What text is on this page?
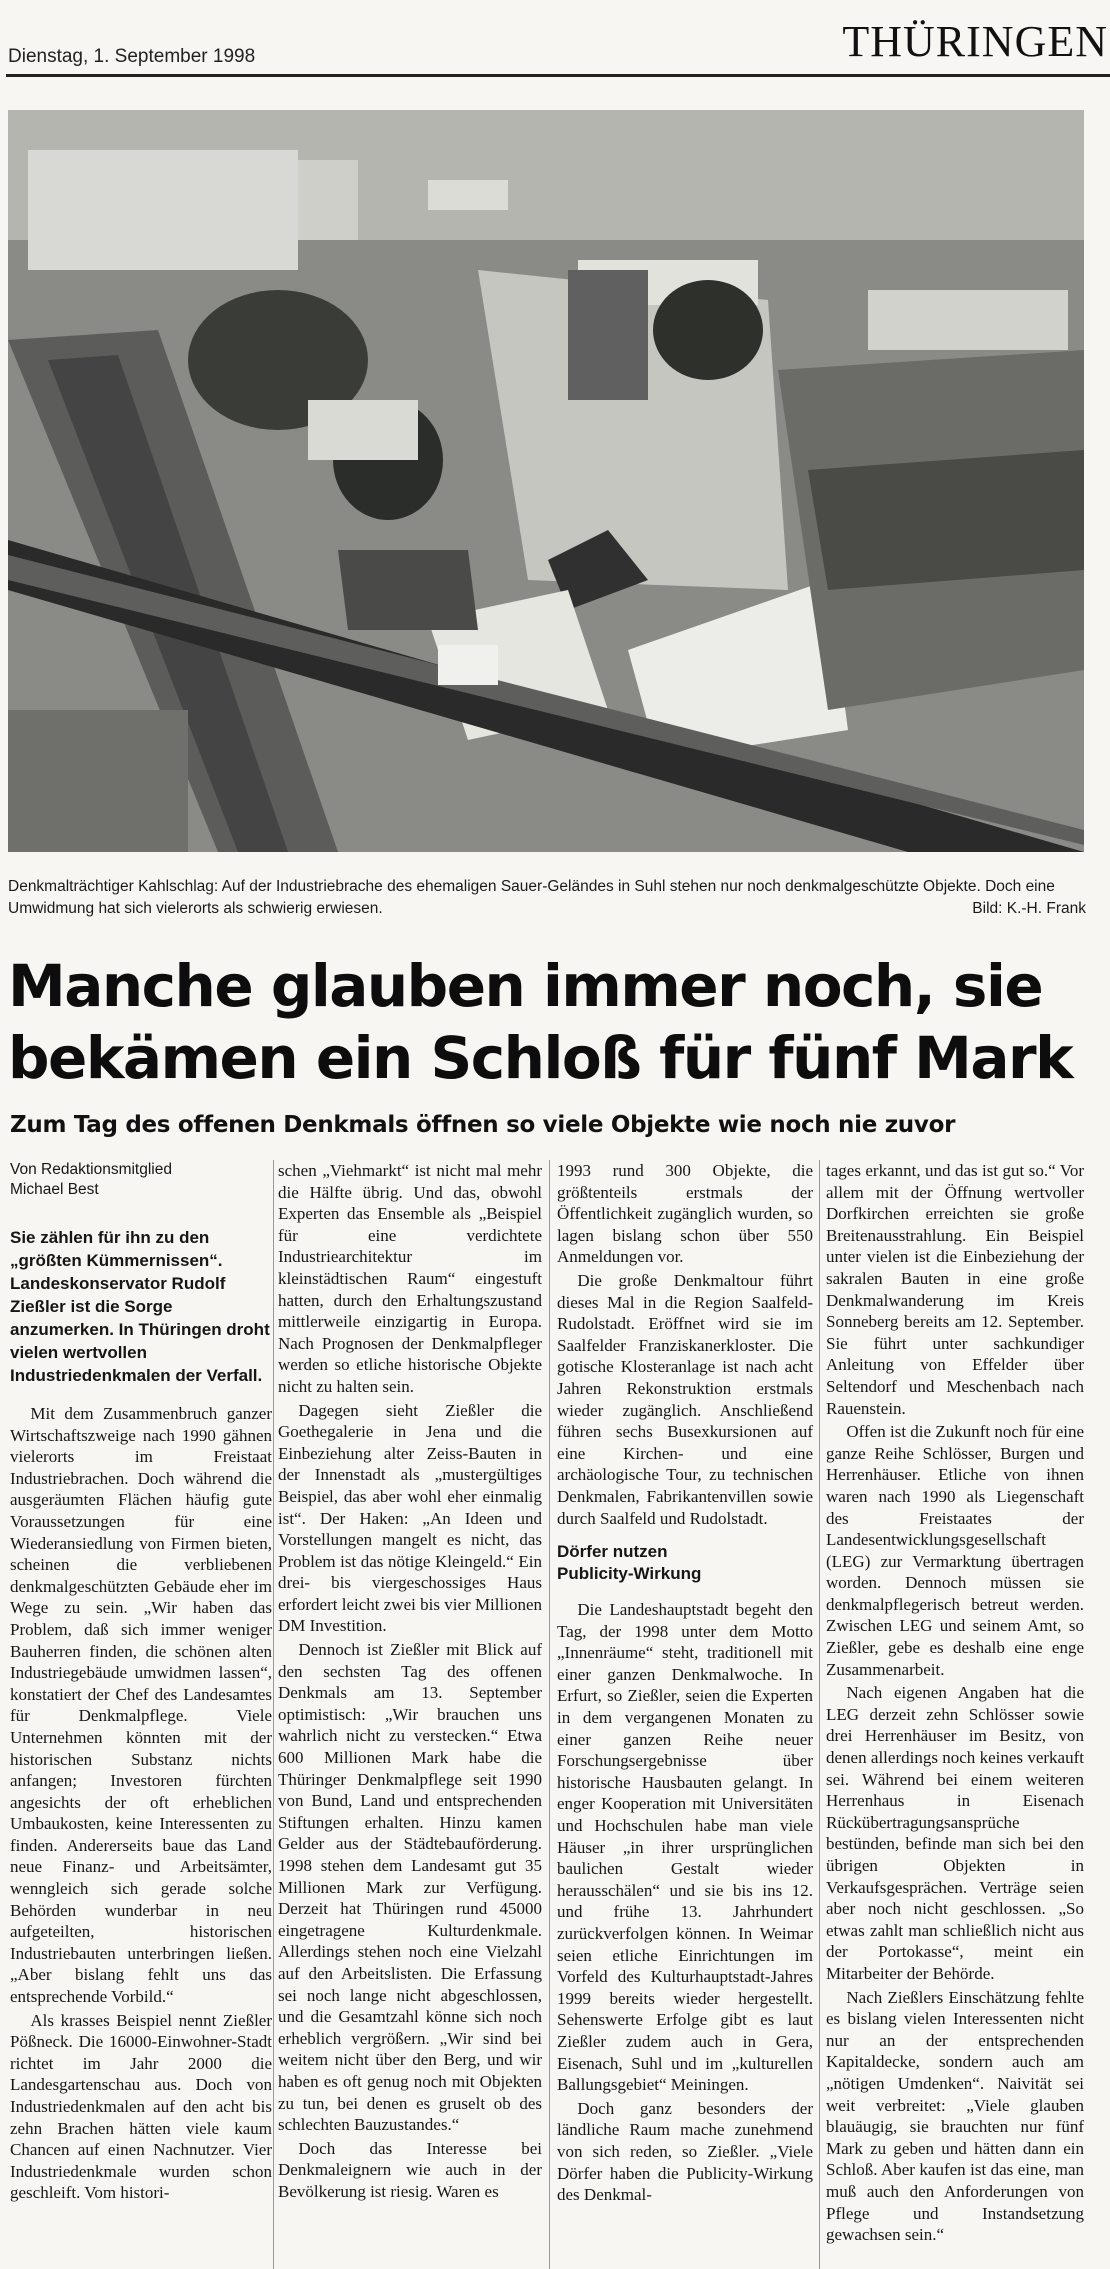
Dienstag, 1. September 1998	THÜRINGEN
Denkmalträchtiger Kahlschlag: Auf der Industriebrache des ehemaligen Sauer-Geländes in Suhl stehen nur noch denkmalgeschützte Objekte. Doch eine Umwidmung hat sich vielerorts als schwierig erwiesen.	Bild: K.-H. Frank
Manche glauben immer noch, sie bekämen ein Schloß für fünf Mark
Zum Tag des offenen Denkmals öffnen so viele Objekte wie noch nie zuvor
Von Redaktionsmitglied
Michael Best
Sie zählen für ihn zu den „größten Kümmernissen“. Landeskonservator Rudolf Zießler ist die Sorge anzumerken. In Thüringen droht vielen wertvollen Industriedenkmalen der Verfall.

Mit dem Zusammenbruch ganzer Wirtschaftszweige nach 1990 gähnen vielerorts im Freistaat Industriebrachen. Doch während die ausgeräumten Flächen häufig gute Voraussetzungen für eine Wiederansiedlung von Firmen bieten, scheinen die verbliebenen denkmalgeschützten Gebäude eher im Wege zu sein. „Wir haben das Problem, daß sich immer weniger Bauherren finden, die schönen alten Industriegebäude umwidmen lassen“, konstatiert der Chef des Landesamtes für Denkmalpflege. Viele Unternehmen könnten mit der historischen Substanz nichts anfangen; Investoren fürchten angesichts der oft erheblichen Umbaukosten, keine Interessenten zu finden. Andererseits baue das Land neue Finanz- und Arbeitsämter, wenngleich sich gerade solche Behörden wunderbar in neu aufgeteilten, historischen Industriebauten unterbringen ließen. „Aber bislang fehlt uns das entsprechende Vorbild.“

Als krasses Beispiel nennt Zießler Pößneck. Die 16000-Einwohner-Stadt richtet im Jahr 2000 die Landesgartenschau aus. Doch von Industriedenkmalen auf den acht bis zehn Brachen hätten viele kaum Chancen auf einen Nachnutzer. Vier Industriedenkmale wurden schon geschleift. Vom histori-

schen „Viehmarkt“ ist nicht mal mehr die Hälfte übrig. Und das, obwohl Experten das Ensemble als „Beispiel für eine verdichtete Industriearchitektur im kleinstädtischen Raum“ eingestuft hatten, durch den Erhaltungszustand mittlerweile einzigartig in Europa. Nach Prognosen der Denkmalpfleger werden so etliche historische Objekte nicht zu halten sein.

Dagegen sieht Zießler die Goethegalerie in Jena und die Einbeziehung alter Zeiss-Bauten in der Innenstadt als „mustergültiges Beispiel, das aber wohl eher einmalig ist“. Der Haken: „An Ideen und Vorstellungen mangelt es nicht, das Problem ist das nötige Kleingeld.“ Ein drei- bis viergeschossiges Haus erfordert leicht zwei bis vier Millionen DM Investition.

Dennoch ist Zießler mit Blick auf den sechsten Tag des offenen Denkmals am 13. September optimistisch: „Wir brauchen uns wahrlich nicht zu verstecken.“ Etwa 600 Millionen Mark habe die Thüringer Denkmalpflege seit 1990 von Bund, Land und entsprechenden Stiftungen erhalten. Hinzu kamen Gelder aus der Städtebauförderung. 1998 stehen dem Landesamt gut 35 Millionen Mark zur Verfügung. Derzeit hat Thüringen rund 45000 eingetragene Kulturdenkmale. Allerdings stehen noch eine Vielzahl auf den Arbeitslisten. Die Erfassung sei noch lange nicht abgeschlossen, und die Gesamtzahl könne sich noch erheblich vergrößern. „Wir sind bei weitem nicht über den Berg, und wir haben es oft genug noch mit Objekten zu tun, bei denen es gruselt ob des schlechten Bauzustandes.“

Doch das Interesse bei Denkmaleignern wie auch in der Bevölkerung ist riesig. Waren es

1993 rund 300 Objekte, die größtenteils erstmals der Öffentlichkeit zugänglich wurden, so lagen bislang schon über 550 Anmeldungen vor.

Die große Denkmaltour führt dieses Mal in die Region Saalfeld-Rudolstadt. Eröffnet wird sie im Saalfelder Franziskanerkloster. Die gotische Klosteranlage ist nach acht Jahren Rekonstruktion erstmals wieder zugänglich. Anschließend führen sechs Busexkursionen auf eine Kirchen- und eine archäologische Tour, zu technischen Denkmalen, Fabrikantenvillen sowie durch Saalfeld und Rudolstadt.

Dörfer nutzen
Publicity-Wirkung

Die Landeshauptstadt begeht den Tag, der 1998 unter dem Motto „Innenräume“ steht, traditionell mit einer ganzen Denkmalwoche. In Erfurt, so Zießler, seien die Experten in dem vergangenen Monaten zu einer ganzen Reihe neuer Forschungsergebnisse über historische Hausbauten gelangt. In enger Kooperation mit Universitäten und Hochschulen habe man viele Häuser „in ihrer ursprünglichen baulichen Gestalt wieder herausschälen“ und sie bis ins 12. und frühe 13. Jahrhundert zurückverfolgen können. In Weimar seien etliche Einrichtungen im Vorfeld des Kulturhauptstadt-Jahres 1999 bereits wieder hergestellt. Sehenswerte Erfolge gibt es laut Zießler zudem auch in Gera, Eisenach, Suhl und im „kulturellen Ballungsgebiet“ Meiningen.

Doch ganz besonders der ländliche Raum mache zunehmend von sich reden, so Zießler. „Viele Dörfer haben die Publicity-Wirkung des Denkmal-

tages erkannt, und das ist gut so.“ Vor allem mit der Öffnung wertvoller Dorfkirchen erreichten sie große Breitenausstrahlung. Ein Beispiel unter vielen ist die Einbeziehung der sakralen Bauten in eine große Denkmalwanderung im Kreis Sonneberg bereits am 12. September. Sie führt unter sachkundiger Anleitung von Effelder über Seltendorf und Meschenbach nach Rauenstein.

Offen ist die Zukunft noch für eine ganze Reihe Schlösser, Burgen und Herrenhäuser. Etliche von ihnen waren nach 1990 als Liegenschaft des Freistaates der Landesentwicklungsgesellschaft (LEG) zur Vermarktung übertragen worden. Dennoch müssen sie denkmalpflegerisch betreut werden. Zwischen LEG und seinem Amt, so Zießler, gebe es deshalb eine enge Zusammenarbeit.

Nach eigenen Angaben hat die LEG derzeit zehn Schlösser sowie drei Herrenhäuser im Besitz, von denen allerdings noch keines verkauft sei. Während bei einem weiteren Herrenhaus in Eisenach Rückübertragungsansprüche bestünden, befinde man sich bei den übrigen Objekten in Verkaufsgesprächen. Verträge seien aber noch nicht geschlossen. „So etwas zahlt man schließlich nicht aus der Portokasse“, meint ein Mitarbeiter der Behörde.

Nach Zießlers Einschätzung fehlte es bislang vielen Interessenten nicht nur an der entsprechenden Kapitaldecke, sondern auch am „nötigen Umdenken“. Naivität sei weit verbreitet: „Viele glauben blauäugig, sie brauchten nur fünf Mark zu geben und hätten dann ein Schloß. Aber kaufen ist das eine, man muß auch den Anforderungen von Pflege und Instandsetzung gewachsen sein.“
